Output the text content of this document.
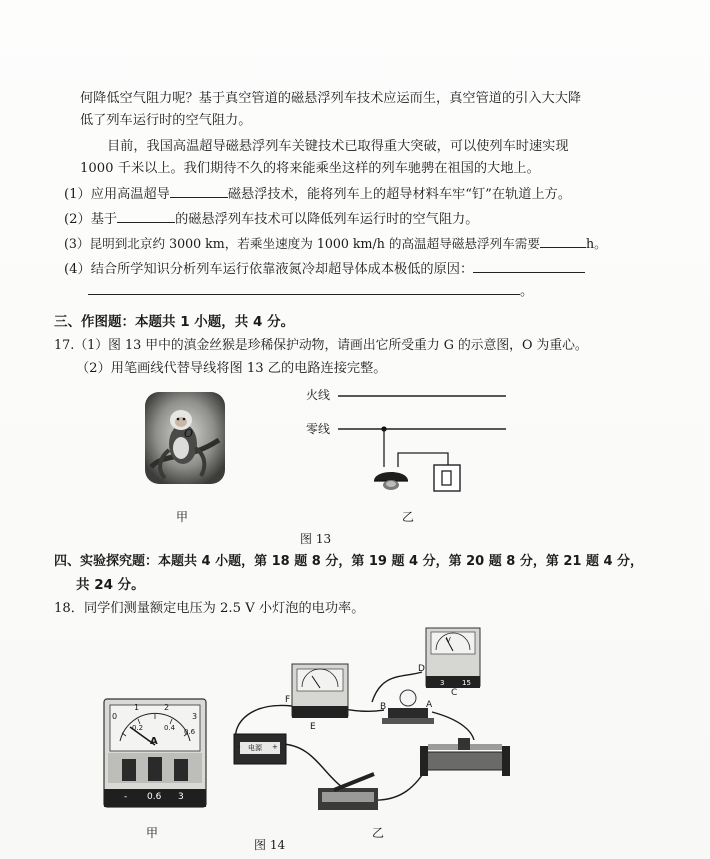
何降低空气阻力呢？基于真空管道的磁悬浮列车技术应运而生，真空管道的引入大大降
低了列车运行时的空气阻力。
目前，我国高温超导磁悬浮列车关键技术已取得重大突破，可以使列车时速实现
1000 千米以上。我们期待不久的将来能乘坐这样的列车驰骋在祖国的大地上。
(1）应用高温超导	磁悬浮技术，能将列车上的超导材料车牢“钉”在轨道上方。
(2）基于	的磁悬浮列车技术可以降低列车运行时的空气阻力。
(3）昆明到北京约 3000 km，若乘坐速度为 1000 km/h 的高温超导磁悬浮列车需要	h。
(4）结合所学知识分析列车运行依靠液氮冷却超导体成本极低的原因：
。
三、作图题：本题共 1 小题，共 4 分。
17.（1）图 13 甲中的滇金丝猴是珍稀保护动物，请画出它所受重力 G 的示意图，O 为重心。
（2）用笔画线代替导线将图 13 乙的电路连接完整。
O
火线
零线
甲	乙
图 13
四、实验探究题：本题共 4 小题，第 18 题 8 分，第 19 题 4 分，第 20 题 8 分，第 21 题 4 分，
共 24 分。
18．同学们测量额定电压为 2.5 V 小灯泡的电功率。
0
1	2
3
0.2	0.4 0.6
A
- 0.6 3
甲
F
E
B	A
D
C
V
3	15
- 电源 +
乙
图 14
